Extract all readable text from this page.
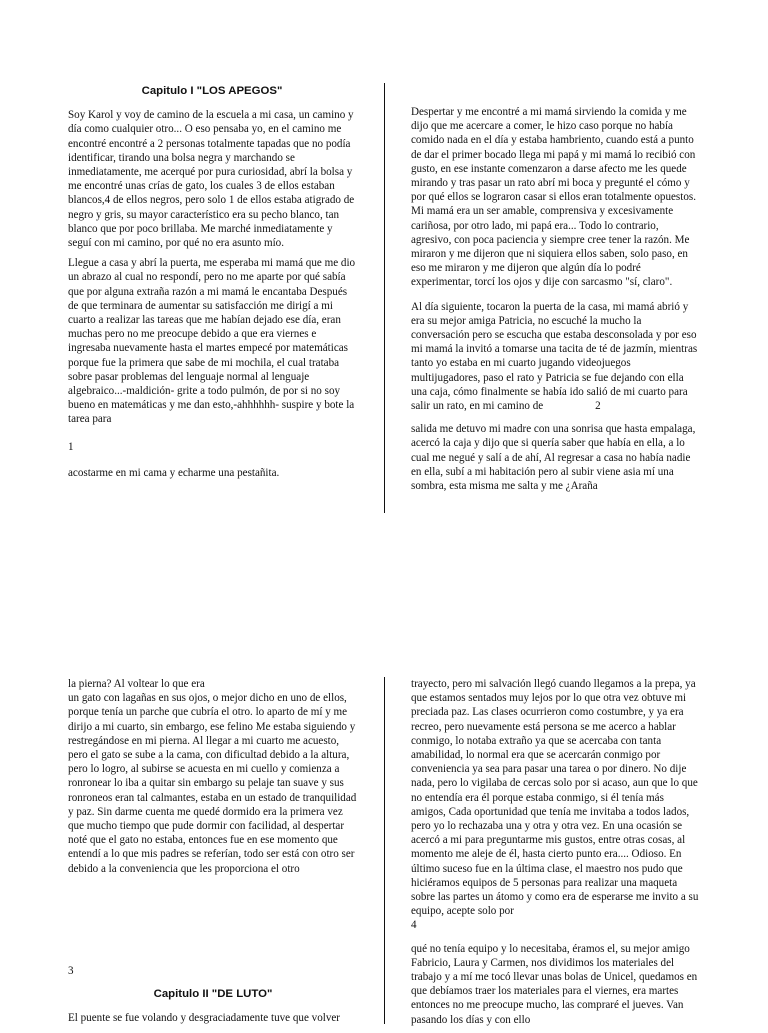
Capitulo I "LOS APEGOS"

Soy Karol y voy de camino de la escuela a mi casa, un camino y día como cualquier otro... O eso pensaba yo, en el camino me encontré encontré a 2 personas totalmente tapadas que no podía identificar, tirando una bolsa negra y marchando se inmediatamente, me acerqué por pura curiosidad, abrí la bolsa y me encontré unas crías de gato, los cuales 3 de ellos estaban blancos,4 de ellos negros, pero solo 1 de ellos estaba atigrado de negro y gris, su mayor característico era su pecho blanco, tan blanco que por poco brillaba. Me marché inmediatamente y seguí con mi camino, por qué no era asunto mío.

Llegue a casa y abrí la puerta, me esperaba mi mamá que me dio un abrazo al cual no respondí, pero no me aparte por qué sabía que por alguna extraña razón a mi mamá le encantaba Después de que terminara de aumentar su satisfacción me dirigí a mi cuarto a realizar las tareas que me habían dejado ese día, eran muchas pero no me preocupe debido a que era viernes e ingresaba nuevamente hasta el martes empecé por matemáticas porque fue la primera que sabe de mi mochila, el cual trataba sobre pasar problemas del lenguaje normal al lenguaje algebraico...-maldición- grite a todo pulmón, de por si no soy bueno en matemáticas y me dan esto,-ahhhhhh- suspire y bote la tarea para

1

acostarme en mi cama y echarme una pestañita.

Despertar y me encontré a mi mamá sirviendo la comida y me dijo que me acercare a comer, le hizo caso porque no había comido nada en el día y estaba hambriento, cuando está a punto de dar el primer bocado llega mi papá y mi mamá lo recibió con gusto, en ese instante comenzaron a darse afecto me les quede mirando y tras pasar un rato abrí mi boca y pregunté el cómo y por qué ellos se lograron casar si ellos eran totalmente opuestos. Mi mamá era un ser amable, comprensiva y excesivamente cariñosa, por otro lado, mi papá era... Todo lo contrario, agresivo, con poca paciencia y siempre cree tener la razón. Me miraron y me dijeron que ni siquiera ellos saben, solo paso, en eso me miraron y me dijeron que algún día lo podré experimentar, torcí los ojos y dije con sarcasmo "sí, claro".

Al día siguiente, tocaron la puerta de la casa, mi mamá abrió y era su mejor amiga Patricia, no escuché la mucho la conversación pero se escucha que estaba desconsolada y por eso mi mamá la invitó a tomarse una tacita de té de jazmín, mientras tanto yo estaba en mi cuarto jugando videojuegos multijugadores, paso el rato y Patricia se fue dejando con ella una caja, cómo finalmente se había ido salió de mi cuarto para salir un rato, en mi camino de	2

salida me detuvo mi madre con una sonrisa que hasta empalaga, acercó la caja y dijo que si quería saber que había en ella, a lo cual me negué y salí a de ahí, Al regresar a casa no había nadie en ella, subí a mi habitación pero al subir viene asia mí una sombra, esta misma me salta y me ¿Araña

la pierna? Al voltear lo que era

un gato con lagañas en sus ojos, o mejor dicho en uno de ellos, porque tenía un parche que cubría el otro. lo aparto de mí y me dirijo a mi cuarto, sin embargo, ese felino Me estaba siguiendo y restregándose en mi pierna. Al llegar a mi cuarto me acuesto, pero el gato se sube a la cama, con dificultad debido a la altura, pero lo logro, al subirse se acuesta en mi cuello y comienza a ronronear lo iba a quitar sin embargo su pelaje tan suave y sus ronroneos eran tal calmantes, estaba en un estado de tranquilidad y paz. Sin darme cuenta me quedé dormido era la primera vez que mucho tiempo que pude dormir con facilidad, al despertar noté que el gato no estaba, entonces fue en ese momento que entendí a lo que mis padres se referían, todo ser está con otro ser debido a la conveniencia que les proporciona el otro

3

Capitulo II "DE LUTO"

El puente se fue volando y desgraciadamente tuve que volver

trayecto, pero mi salvación llegó cuando llegamos a la prepa, ya que estamos sentados muy lejos por lo que otra vez obtuve mi preciada paz. Las clases ocurrieron como costumbre, y ya era recreo, pero nuevamente está persona se me acerco a hablar conmigo, lo notaba extraño ya que se acercaba con tanta amabilidad, lo normal era que se acercarán conmigo por conveniencia ya sea para pasar una tarea o por dinero. No dije nada, pero lo vigilaba de cercas solo por si acaso, aun que lo que no entendía era él porque estaba conmigo, si él tenía más amigos, Cada oportunidad que tenía me invitaba a todos lados, pero yo lo rechazaba una y otra y otra vez. En una ocasión se acercó a mi para preguntarme mis gustos, entre otras cosas, al momento me aleje de él, hasta cierto punto era.... Odioso. En último suceso fue en la última clase, el maestro nos pudo que hiciéramos equipos de 5 personas para realizar una maqueta sobre las partes un átomo y como era de esperarse me invito a su equipo, acepte solo por

4

qué no tenía equipo y lo necesitaba, éramos el, su mejor amigo Fabricio, Laura y Carmen, nos dividimos los materiales del trabajo y a mí me tocó llevar unas bolas de Unicel, quedamos en que debíamos traer los materiales para el viernes, era martes entonces no me preocupe mucho, las compraré el jueves. Van pasando los días y con ello
